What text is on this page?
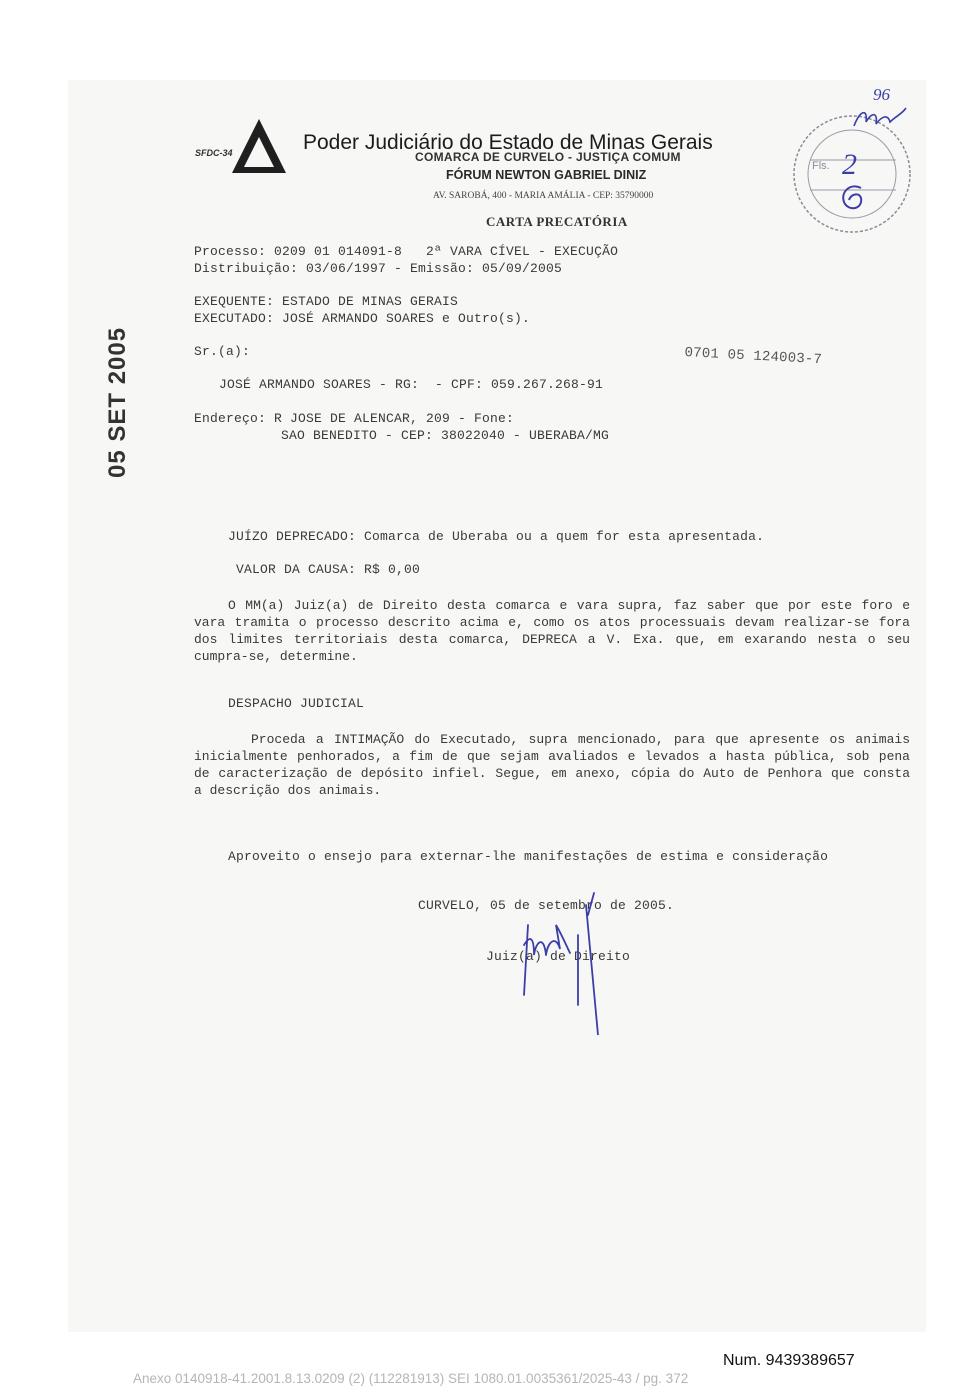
SFDC-34	Poder Judiciário do Estado de Minas Gerais
COMARCA DE CURVELO - JUSTIÇA COMUM
FÓRUM NEWTON GABRIEL DINIZ
AV. SAROBÁ, 400 - MARIA AMÁLIA - CEP: 35790000
CARTA PRECATÓRIA
Fls. 2
96
05 SET 2005	0701 05 124003-7
Processo: 0209 01 014091-8   2ª VARA CÍVEL - EXECUÇÃO
Distribuição: 03/06/1997 - Emissão: 05/09/2005
EXEQUENTE: ESTADO DE MINAS GERAIS
EXECUTADO: JOSÉ ARMANDO SOARES e Outro(s).
Sr.(a):
JOSÉ ARMANDO SOARES - RG:  - CPF: 059.267.268-91
Endereço: R JOSE DE ALENCAR, 209 - Fone:
SAO BENEDITO - CEP: 38022040 - UBERABA/MG
JUÍZO DEPRECADO: Comarca de Uberaba ou a quem for esta apresentada.
VALOR DA CAUSA: R$ 0,00

O MM(a) Juiz(a) de Direito desta comarca e vara supra, faz saber que por este foro e vara tramita o processo descrito acima e, como os atos processuais devam realizar-se fora dos limites territoriais desta comarca, DEPRECA a V. Exa. que, em exarando nesta o seu cumpra-se, determine.

DESPACHO JUDICIAL

Proceda a INTIMAÇÃO do Executado, supra mencionado, para que apresente os animais inicialmente penhorados, a fim de que sejam avaliados e levados a hasta pública, sob pena de caracterização de depósito infiel. Segue, em anexo, cópia do Auto de Penhora que consta a descrição dos animais.

Aproveito o ensejo para externar-lhe manifestações de estima e consideração
CURVELO, 05 de setembro de 2005.
Juiz(a) de Direito
Num. 9439389657
Anexo 0140918-41.2001.8.13.0209 (2) (112281913) SEI 1080.01.0035361/2025-43 / pg. 372
